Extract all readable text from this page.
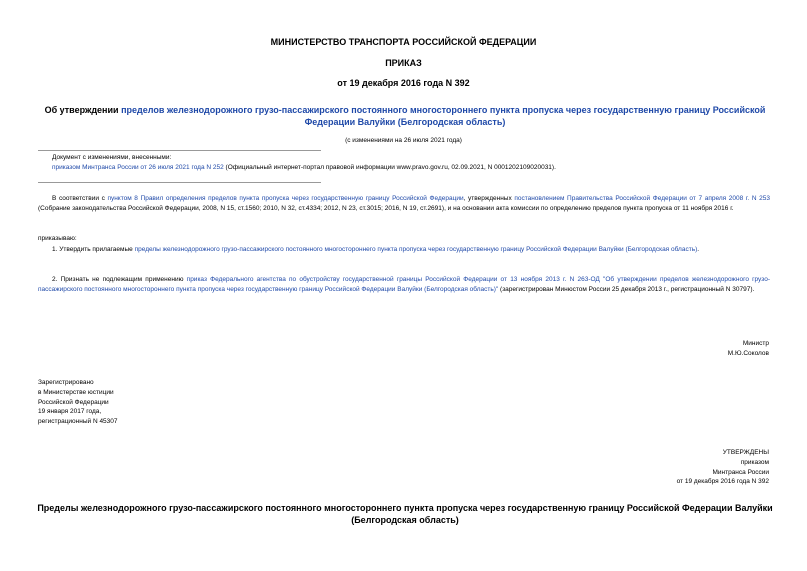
МИНИСТЕРСТВО ТРАНСПОРТА РОССИЙСКОЙ ФЕДЕРАЦИИ
ПРИКАЗ
от 19 декабря 2016 года N 392
Об утверждении пределов железнодорожного грузо-пассажирского постоянного многостороннего пункта пропуска через государственную границу Российской Федерации Валуйки (Белгородская область)
(с изменениями на 26 июля 2021 года)
Документ с изменениями, внесенными:
приказом Минтранса России от 26 июля 2021 года N 252 (Официальный интернет-портал правовой информации www.pravo.gov.ru, 02.09.2021, N 0001202109020031).
В соответствии с пунктом 8 Правил определения пределов пункта пропуска через государственную границу Российской Федерации, утвержденных постановлением Правительства Российской Федерации от 7 апреля 2008 г. N 253 (Собрание законодательства Российской Федерации, 2008, N 15, ст.1560; 2010, N 32, ст.4334; 2012, N 23, ст.3015; 2016, N 19, ст.2691), и на основании акта комиссии по определению пределов пункта пропуска от 11 ноября 2016 г.
приказываю:
1. Утвердить прилагаемые пределы железнодорожного грузо-пассажирского постоянного многостороннего пункта пропуска через государственную границу Российской Федерации Валуйки (Белгородская область).
2. Признать не подлежащим применению приказ Федерального агентства по обустройству государственной границы Российской Федерации от 13 ноября 2013 г. N 263-ОД "Об утверждении пределов железнодорожного грузо-пассажирского постоянного многостороннего пункта пропуска через государственную границу Российской Федерации Валуйки (Белгородская область)" (зарегистрирован Минюстом России 25 декабря 2013 г., регистрационный N 30797).
Министр
М.Ю.Соколов
Зарегистрировано
в Министерстве юстиции
Российской Федерации
19 января 2017 года,
регистрационный N 45307
УТВЕРЖДЕНЫ
приказом
Минтранса России
от 19 декабря 2016 года N 392
Пределы железнодорожного грузо-пассажирского постоянного многостороннего пункта пропуска через государственную границу Российской Федерации Валуйки (Белгородская область)
